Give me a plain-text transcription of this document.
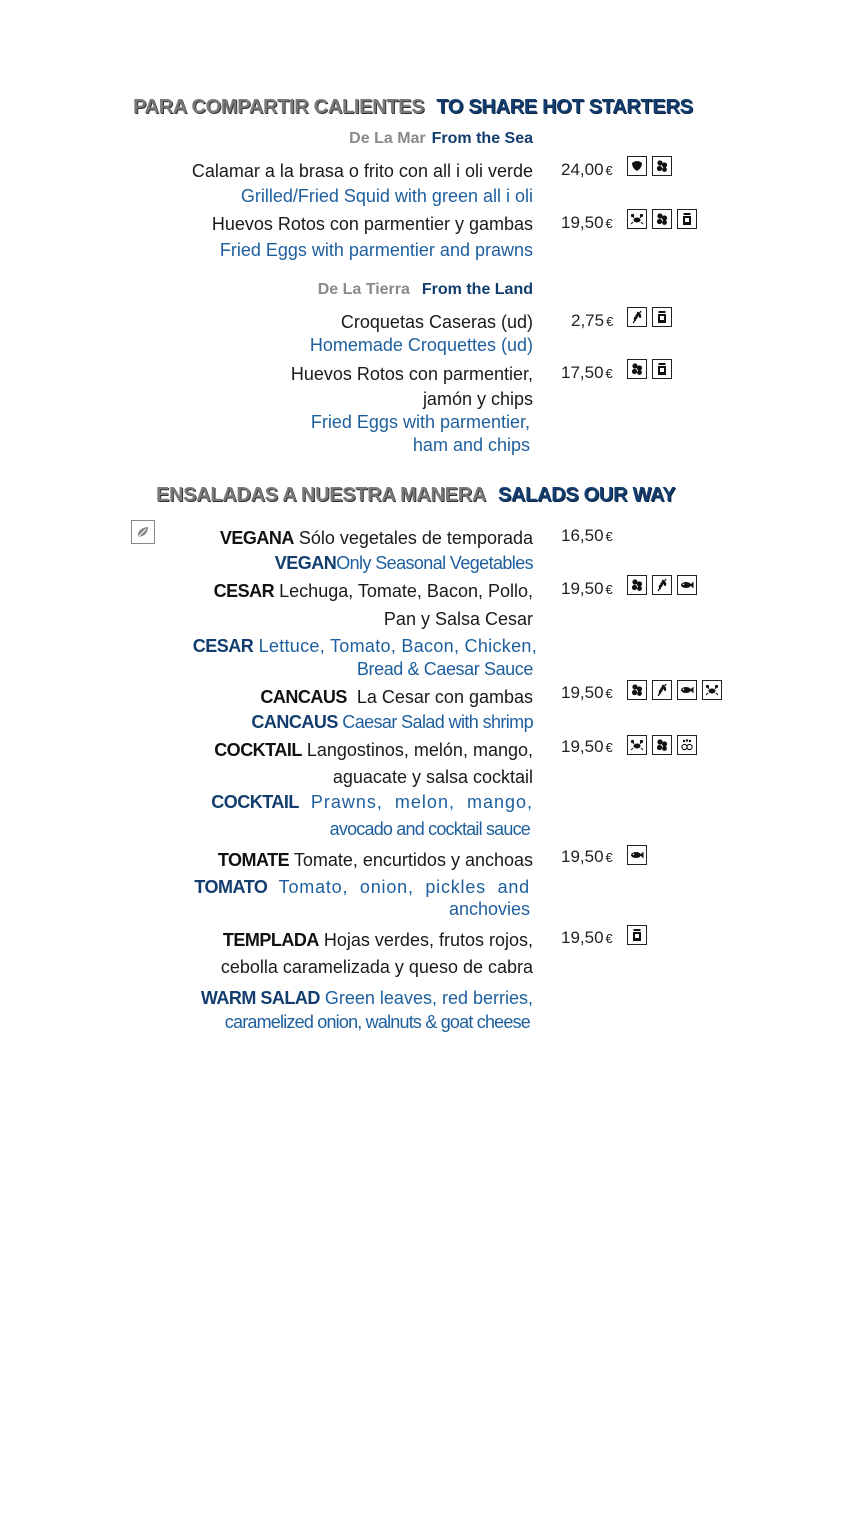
PARA COMPARTIR CALIENTES TO SHARE HOT STARTERS
De La Mar From the Sea
Calamar a la brasa o frito con all i oli verde
Grilled/Fried Squid with green all i oli
24,00 €
Huevos Rotos con parmentier y gambas
Fried Eggs with parmentier and prawns
19,50 €
De La Tierra From the Land
Croquetas Caseras (ud)
Homemade Croquettes (ud)
2,75 €
Huevos Rotos con parmentier,
jamón y chips
Fried Eggs with parmentier,
ham and chips
17,50 €
ENSALADAS A NUESTRA MANERA SALADS OUR WAY
VEGANA Sólo vegetales de temporada
VEGANOnly Seasonal Vegetables
16,50 €
CESAR Lechuga, Tomate, Bacon, Pollo,
Pan y Salsa Cesar
CESAR Lettuce, Tomato, Bacon, Chicken,
Bread & Caesar Sauce
19,50 €
CANCAUS  La Cesar con gambas
CANCAUS Caesar Salad with shrimp
19,50 €
COCKTAIL Langostinos, melón, mango,
aguacate y salsa cocktail
COCKTAIL  Prawns,  melon,  mango,
avocado and cocktail sauce
19,50 €
TOMATE Tomate, encurtidos y anchoas
TOMATO  Tomato,  onion,  pickles  and
anchovies
19,50 €
TEMPLADA Hojas verdes, frutos rojos,
cebolla caramelizada y queso de cabra
WARM SALAD Green leaves, red berries,
caramelized onion, walnuts & goat cheese
19,50 €
